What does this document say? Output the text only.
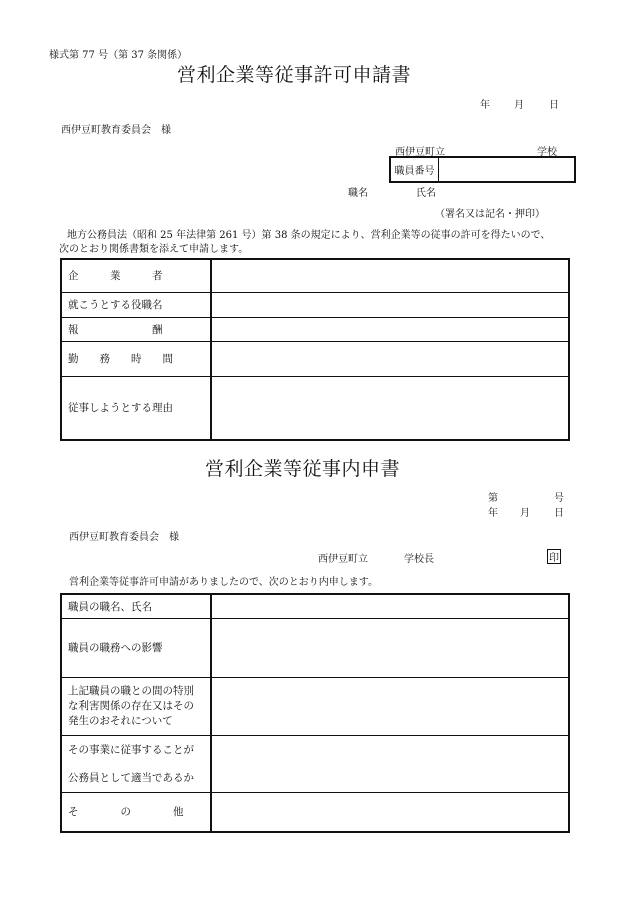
様式第 77 号（第 37 条関係）
営利企業等従事許可申請書
年 月	日
西伊豆町教育委員会　様
西伊豆町立	学校
職員番号
職名	氏名
（署名又は記名・押印）
地方公務員法（昭和 25 年法律第 261 号）第 38 条の規定により、営利企業等の従事の許可を得たいので、
次のとおり関係書類を添えて申請します。
企　　　業　　　者	
就こうとする役職名	
報　　　　　　　酬	
勤　　務　　時　　間	
従事しようとする理由	
営利企業等従事内申書
第	号
年 月 日
西伊豆町教育委員会　様
西伊豆町立	学校長	印
営利企業等従事許可申請がありましたので、次のとおり内申します。
職員の職名、氏名	
職員の職務への影響	

上記職員の職との間の特別
な利害関係の存在又はその
発生のおそれについて	

その事業に従事することが
公務員として適当であるか	

そ　　　　の　　　　他	
